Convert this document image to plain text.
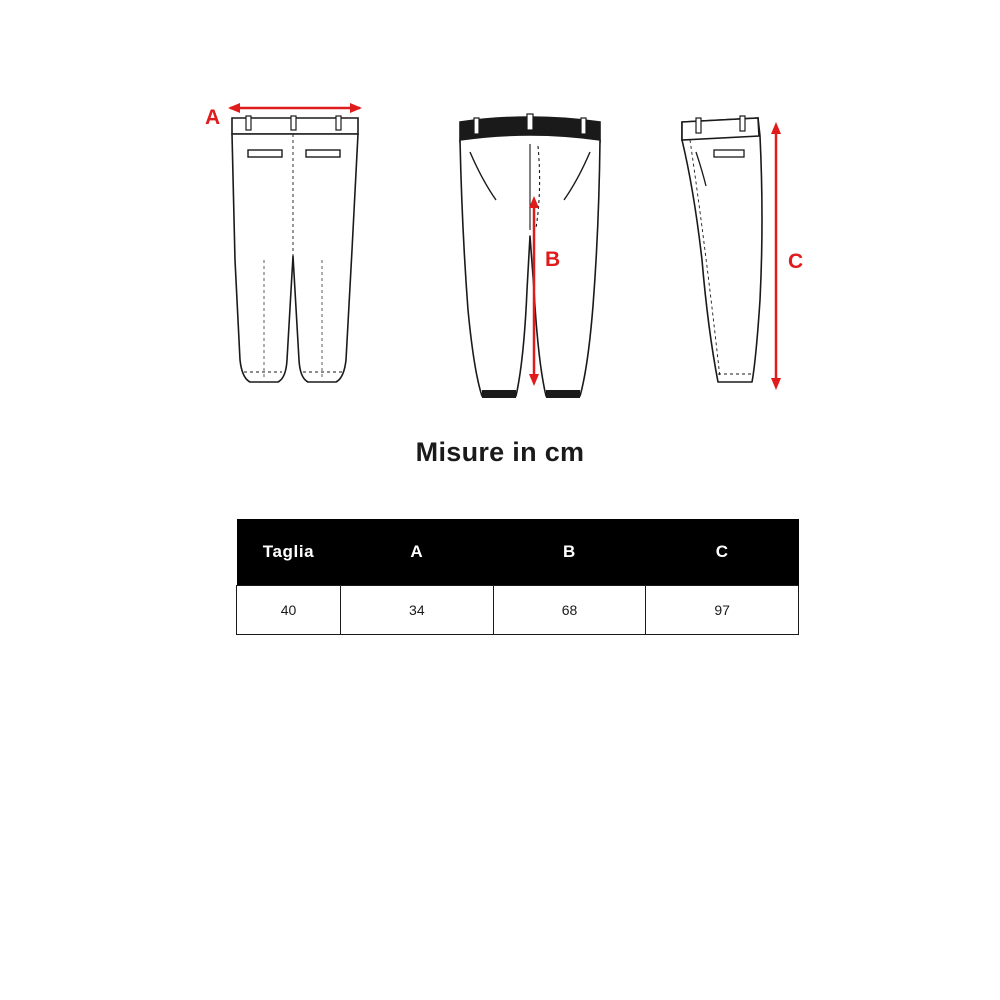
A
B	C
Misure in cm
Taglia	A	B	C
40	34	68	97
